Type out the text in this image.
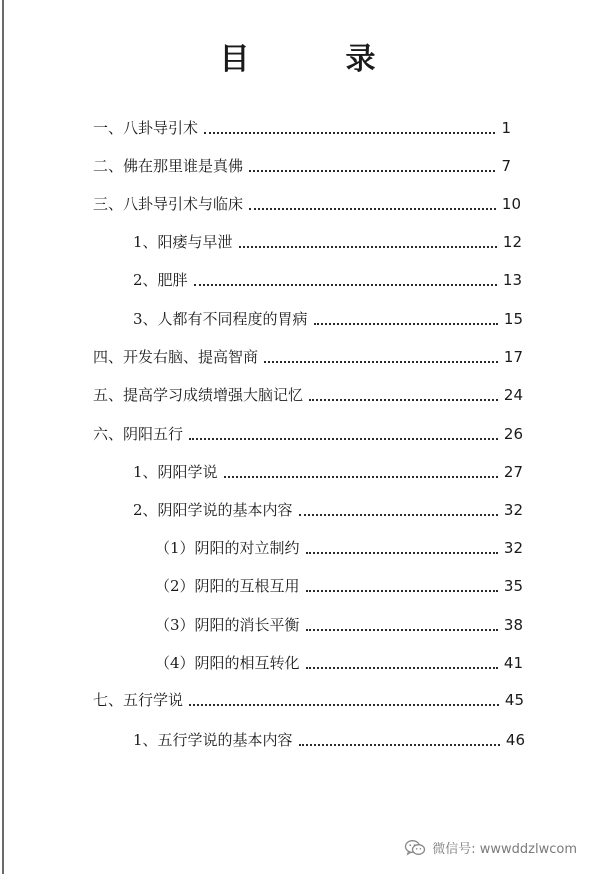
目	录
一、八卦导引术	1
二、佛在那里谁是真佛	7
三、八卦导引术与临床	10
1、阳痿与早泄	12
2、肥胖	13
3、人都有不同程度的胃病	15
四、开发右脑、提高智商	17
五、提高学习成绩增强大脑记忆	24
六、阴阳五行	26
1、阴阳学说	27
2、阴阳学说的基本内容	32
（1）阴阳的对立制约	32
（2）阴阳的互根互用	35
（3）阴阳的消长平衡	38
（4）阴阳的相互转化	41
七、五行学说	45
1、五行学说的基本内容	46
微信号: wwwddzlwcom
